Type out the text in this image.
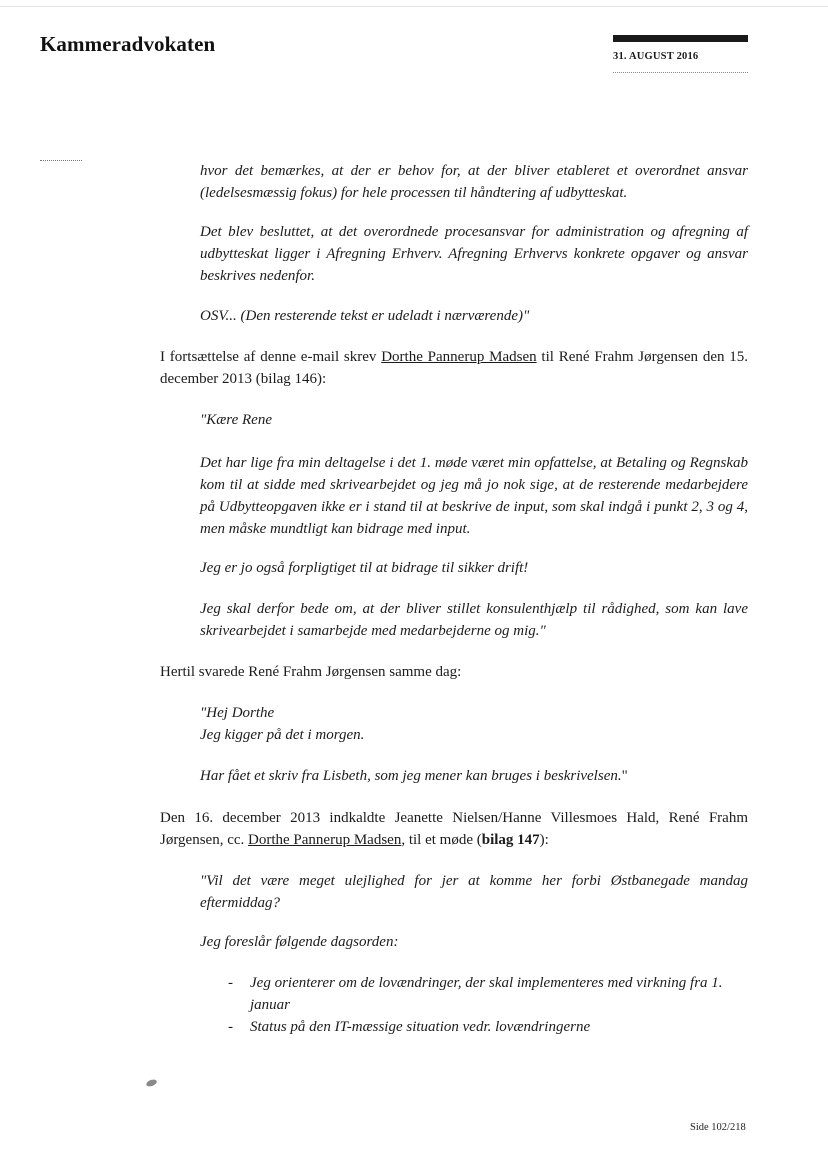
Kammeradvokaten
31. AUGUST 2016

hvor det bemærkes, at der er behov for, at der bliver etableret et overordnet ansvar (ledelsesmæssig fokus) for hele processen til håndtering af udbytteskat.

Det blev besluttet, at det overordnede procesansvar for administration og afregning af udbytteskat ligger i Afregning Erhverv. Afregning Erhvervs konkrete opgaver og ansvar beskrives nedenfor.

OSV... (Den resterende tekst er udeladt i nærværende)"

I fortsættelse af denne e-mail skrev Dorthe Pannerup Madsen til René Frahm Jørgensen den 15. december 2013 (bilag 146):

"Kære Rene

Det har lige fra min deltagelse i det 1. møde været min opfattelse, at Betaling og Regnskab kom til at sidde med skrivearbejdet og jeg må jo nok sige, at de resterende medarbejdere på Udbytteopgaven ikke er i stand til at beskrive de input, som skal indgå i punkt 2, 3 og 4, men måske mundtligt kan bidrage med input.

Jeg er jo også forpligtiget til at bidrage til sikker drift!

Jeg skal derfor bede om, at der bliver stillet konsulenthjælp til rådighed, som kan lave skrivearbejdet i samarbejde med medarbejderne og mig."

Hertil svarede René Frahm Jørgensen samme dag:

"Hej Dorthe
Jeg kigger på det i morgen.

Har fået et skriv fra Lisbeth, som jeg mener kan bruges i beskrivelsen."

Den 16. december 2013 indkaldte Jeanette Nielsen/Hanne Villesmoes Hald, René Frahm Jørgensen, cc. Dorthe Pannerup Madsen, til et møde (bilag 147):

"Vil det være meget ulejlighed for jer at komme her forbi Østbanegade mandag eftermiddag?

Jeg foreslår følgende dagsorden:

- Jeg orienterer om de lovændringer, der skal implementeres med virkning fra 1. januar
- Status på den IT-mæssige situation vedr. lovændringerne
Side 102/218
